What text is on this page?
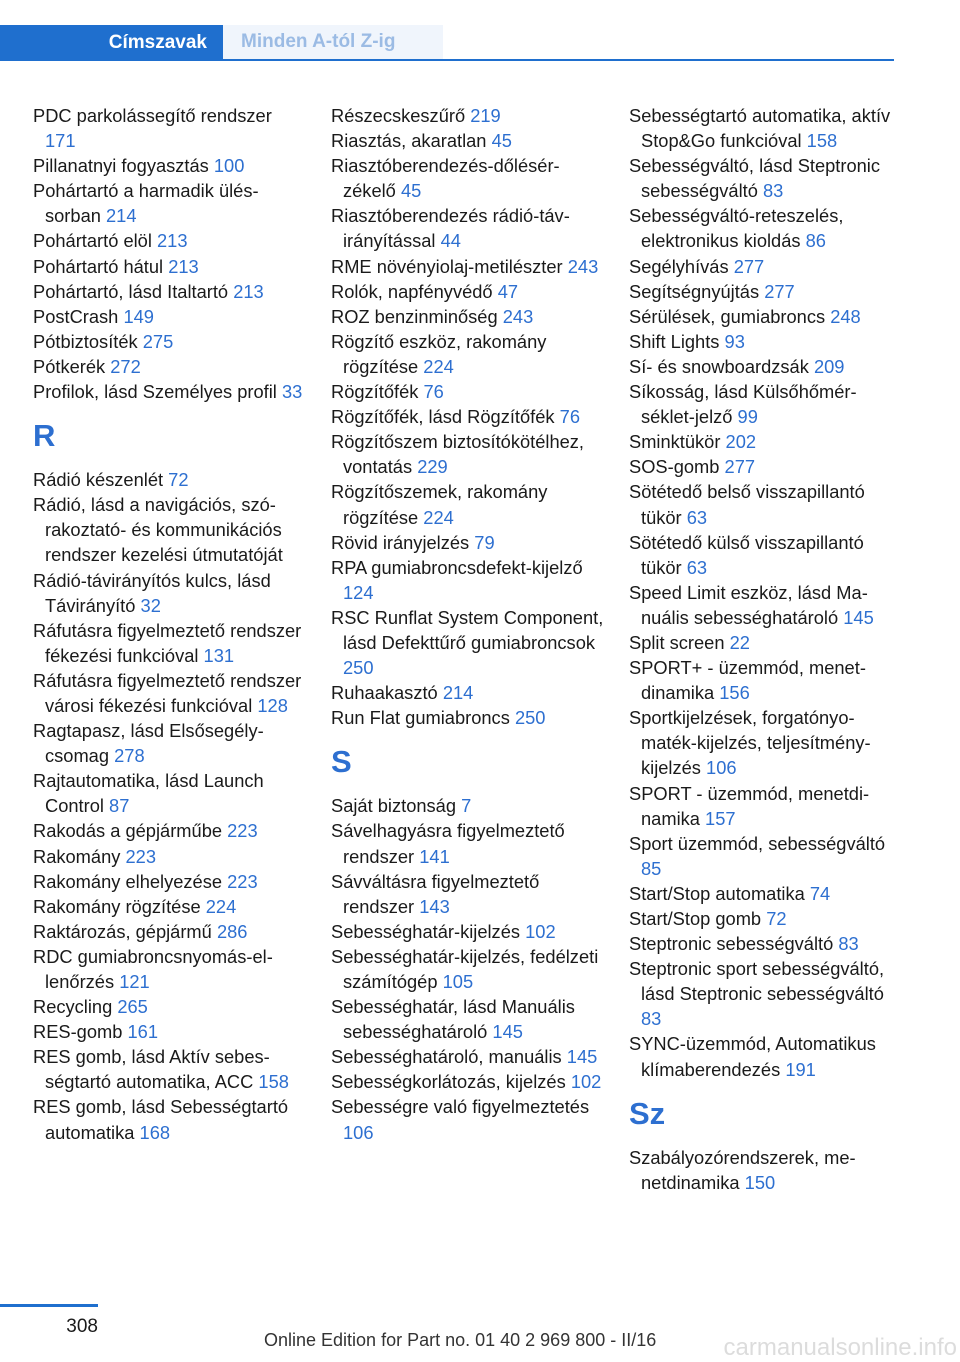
Címszavak Minden A-tól Z-ig
PDC parkolássegítő rendszer 171
Pillanatnyi fogyasztás 100
Pohártartó a harmadik üléssorban 214
Pohártartó elöl 213
Pohártartó hátul 213
Pohártartó, lásd Italtartó 213
PostCrash 149
Pótbiztosíték 275
Pótkerék 272
Profilok, lásd Személyes profil 33
R
Rádió készenlét 72
Rádió, lásd a navigációs, szórakoztató- és kommunikációs rendszer kezelési útmutatóját
Rádió-távirányítós kulcs, lásd Távirányító 32
Ráfutásra figyelmeztető rendszer fékezési funkcióval 131
Ráfutásra figyelmeztető rendszer városi fékezési funkcióval 128
Ragtapasz, lásd Elsősegélycsomag 278
Rajtautomatika, lásd Launch Control 87
Rakodás a gépjárműbe 223
Rakomány 223
Rakomány elhelyezése 223
Rakomány rögzítése 224
Raktározás, gépjármű 286
RDC gumiabroncsnyomás-ellenőrzés 121
Recycling 265
RES-gomb 161
RES gomb, lásd Aktív sebességtartó automatika, ACC 158
RES gomb, lásd Sebességtartó automatika 168
Részecskeszűrő 219
Riasztás, akaratlan 45
Riasztóberendezés-dőlésérzékelő 45
Riasztóberendezés rádió-távirányítással 44
RME növényiolaj-metilészter 243
Rolók, napfényvédő 47
ROZ benzinminőség 243
Rögzítő eszköz, rakomány rögzítése 224
Rögzítőfék 76
Rögzítőfék, lásd Rögzítőfék 76
Rögzítőszem biztosítókötélhez, vontatás 229
Rögzítőszemek, rakomány rögzítése 224
Rövid irányjelzés 79
RPA gumiabroncsdefekt-kijelző 124
RSC Runflat System Component, lásd Defekttűrő gumiabroncsok 250
Ruhaakasztó 214
Run Flat gumiabroncs 250
S
Saját biztonság 7
Sávelhagyásra figyelmeztető rendszer 141
Sávváltásra figyelmeztető rendszer 143
Sebességhatár-kijelzés 102
Sebességhatár-kijelzés, fedélzeti számítógép 105
Sebességhatár, lásd Manuális sebességhatároló 145
Sebességhatároló, manuális 145
Sebességkorlátozás, kijelzés 102
Sebességre való figyelmeztetés 106
Sebességtartó automatika, aktív Stop&Go funkcióval 158
Sebességváltó, lásd Steptronic sebességváltó 83
Sebességváltó-reteszelés, elektronikus kioldás 86
Segélyhívás 277
Segítségnyújtás 277
Sérülések, gumiabroncs 248
Shift Lights 93
Sí- és snowboardzsák 209
Síkosság, lásd Külsőhőmérséklet-jelző 99
Sminktükör 202
SOS-gomb 277
Sötétedő belső visszapillantó tükör 63
Sötétedő külső visszapillantó tükör 63
Speed Limit eszköz, lásd Manuális sebességhatároló 145
Split screen 22
SPORT+ - üzemmód, menetdinamika 156
Sportkijelzések, forgatónyomaték-kijelzés, teljesítménykijelzés 106
SPORT - üzemmód, menetdinamika 157
Sport üzemmód, sebességváltó 85
Start/Stop automatika 74
Start/Stop gomb 72
Steptronic sebességváltó 83
Steptronic sport sebességváltó, lásd Steptronic sebességváltó 83
SYNC-üzemmód, Automatikus klímaberendezés 191
Sz
Szabályozórendszerek, menetdinamika 150
308
Online Edition for Part no. 01 40 2 969 800 - II/16	carmanualsonline.info
